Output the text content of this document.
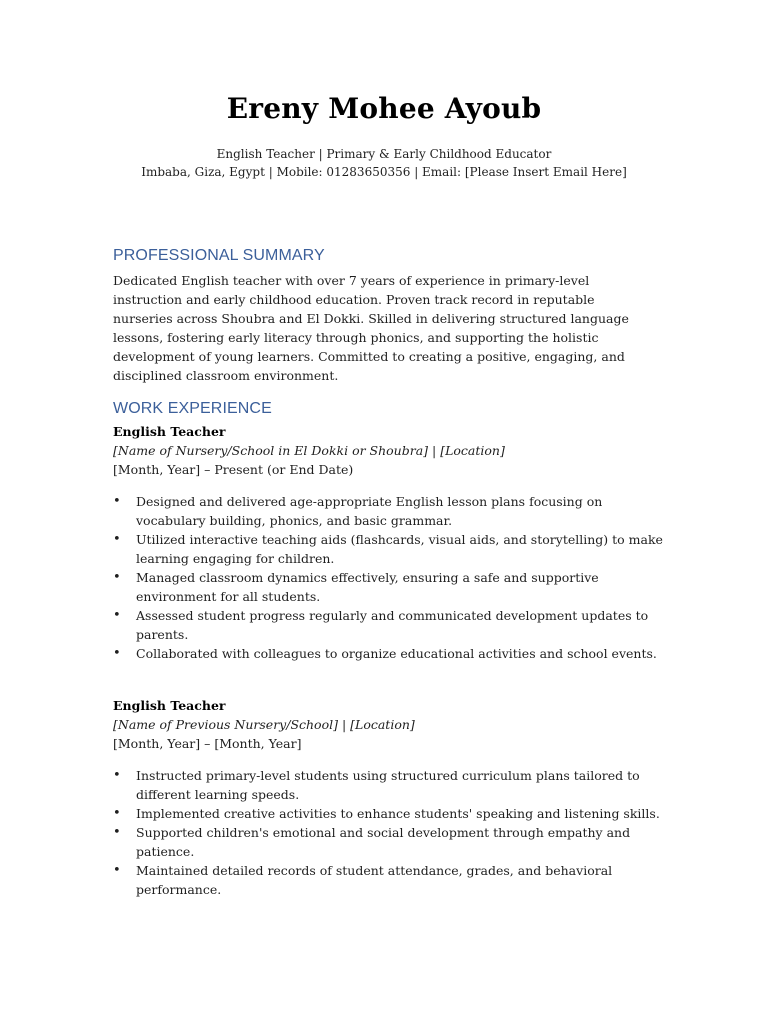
Ereny Mohee Ayoub
English Teacher | Primary & Early Childhood Educator
Imbaba, Giza, Egypt | Mobile: 01283650356 | Email: [Please Insert Email Here]
PROFESSIONAL SUMMARY
Dedicated English teacher with over 7 years of experience in primary-level instruction and early childhood education. Proven track record in reputable nurseries across Shoubra and El Dokki. Skilled in delivering structured language lessons, fostering early literacy through phonics, and supporting the holistic development of young learners. Committed to creating a positive, engaging, and disciplined classroom environment.
WORK EXPERIENCE
English Teacher
[Name of Nursery/School in El Dokki or Shoubra] | [Location]
[Month, Year] – Present (or End Date)
• Designed and delivered age-appropriate English lesson plans focusing on vocabulary building, phonics, and basic grammar.
• Utilized interactive teaching aids (flashcards, visual aids, and storytelling) to make learning engaging for children.
• Managed classroom dynamics effectively, ensuring a safe and supportive environment for all students.
• Assessed student progress regularly and communicated development updates to parents.
• Collaborated with colleagues to organize educational activities and school events.
English Teacher
[Name of Previous Nursery/School] | [Location]
[Month, Year] – [Month, Year]
• Instructed primary-level students using structured curriculum plans tailored to different learning speeds.
• Implemented creative activities to enhance students' speaking and listening skills.
• Supported children's emotional and social development through empathy and patience.
• Maintained detailed records of student attendance, grades, and behavioral performance.
